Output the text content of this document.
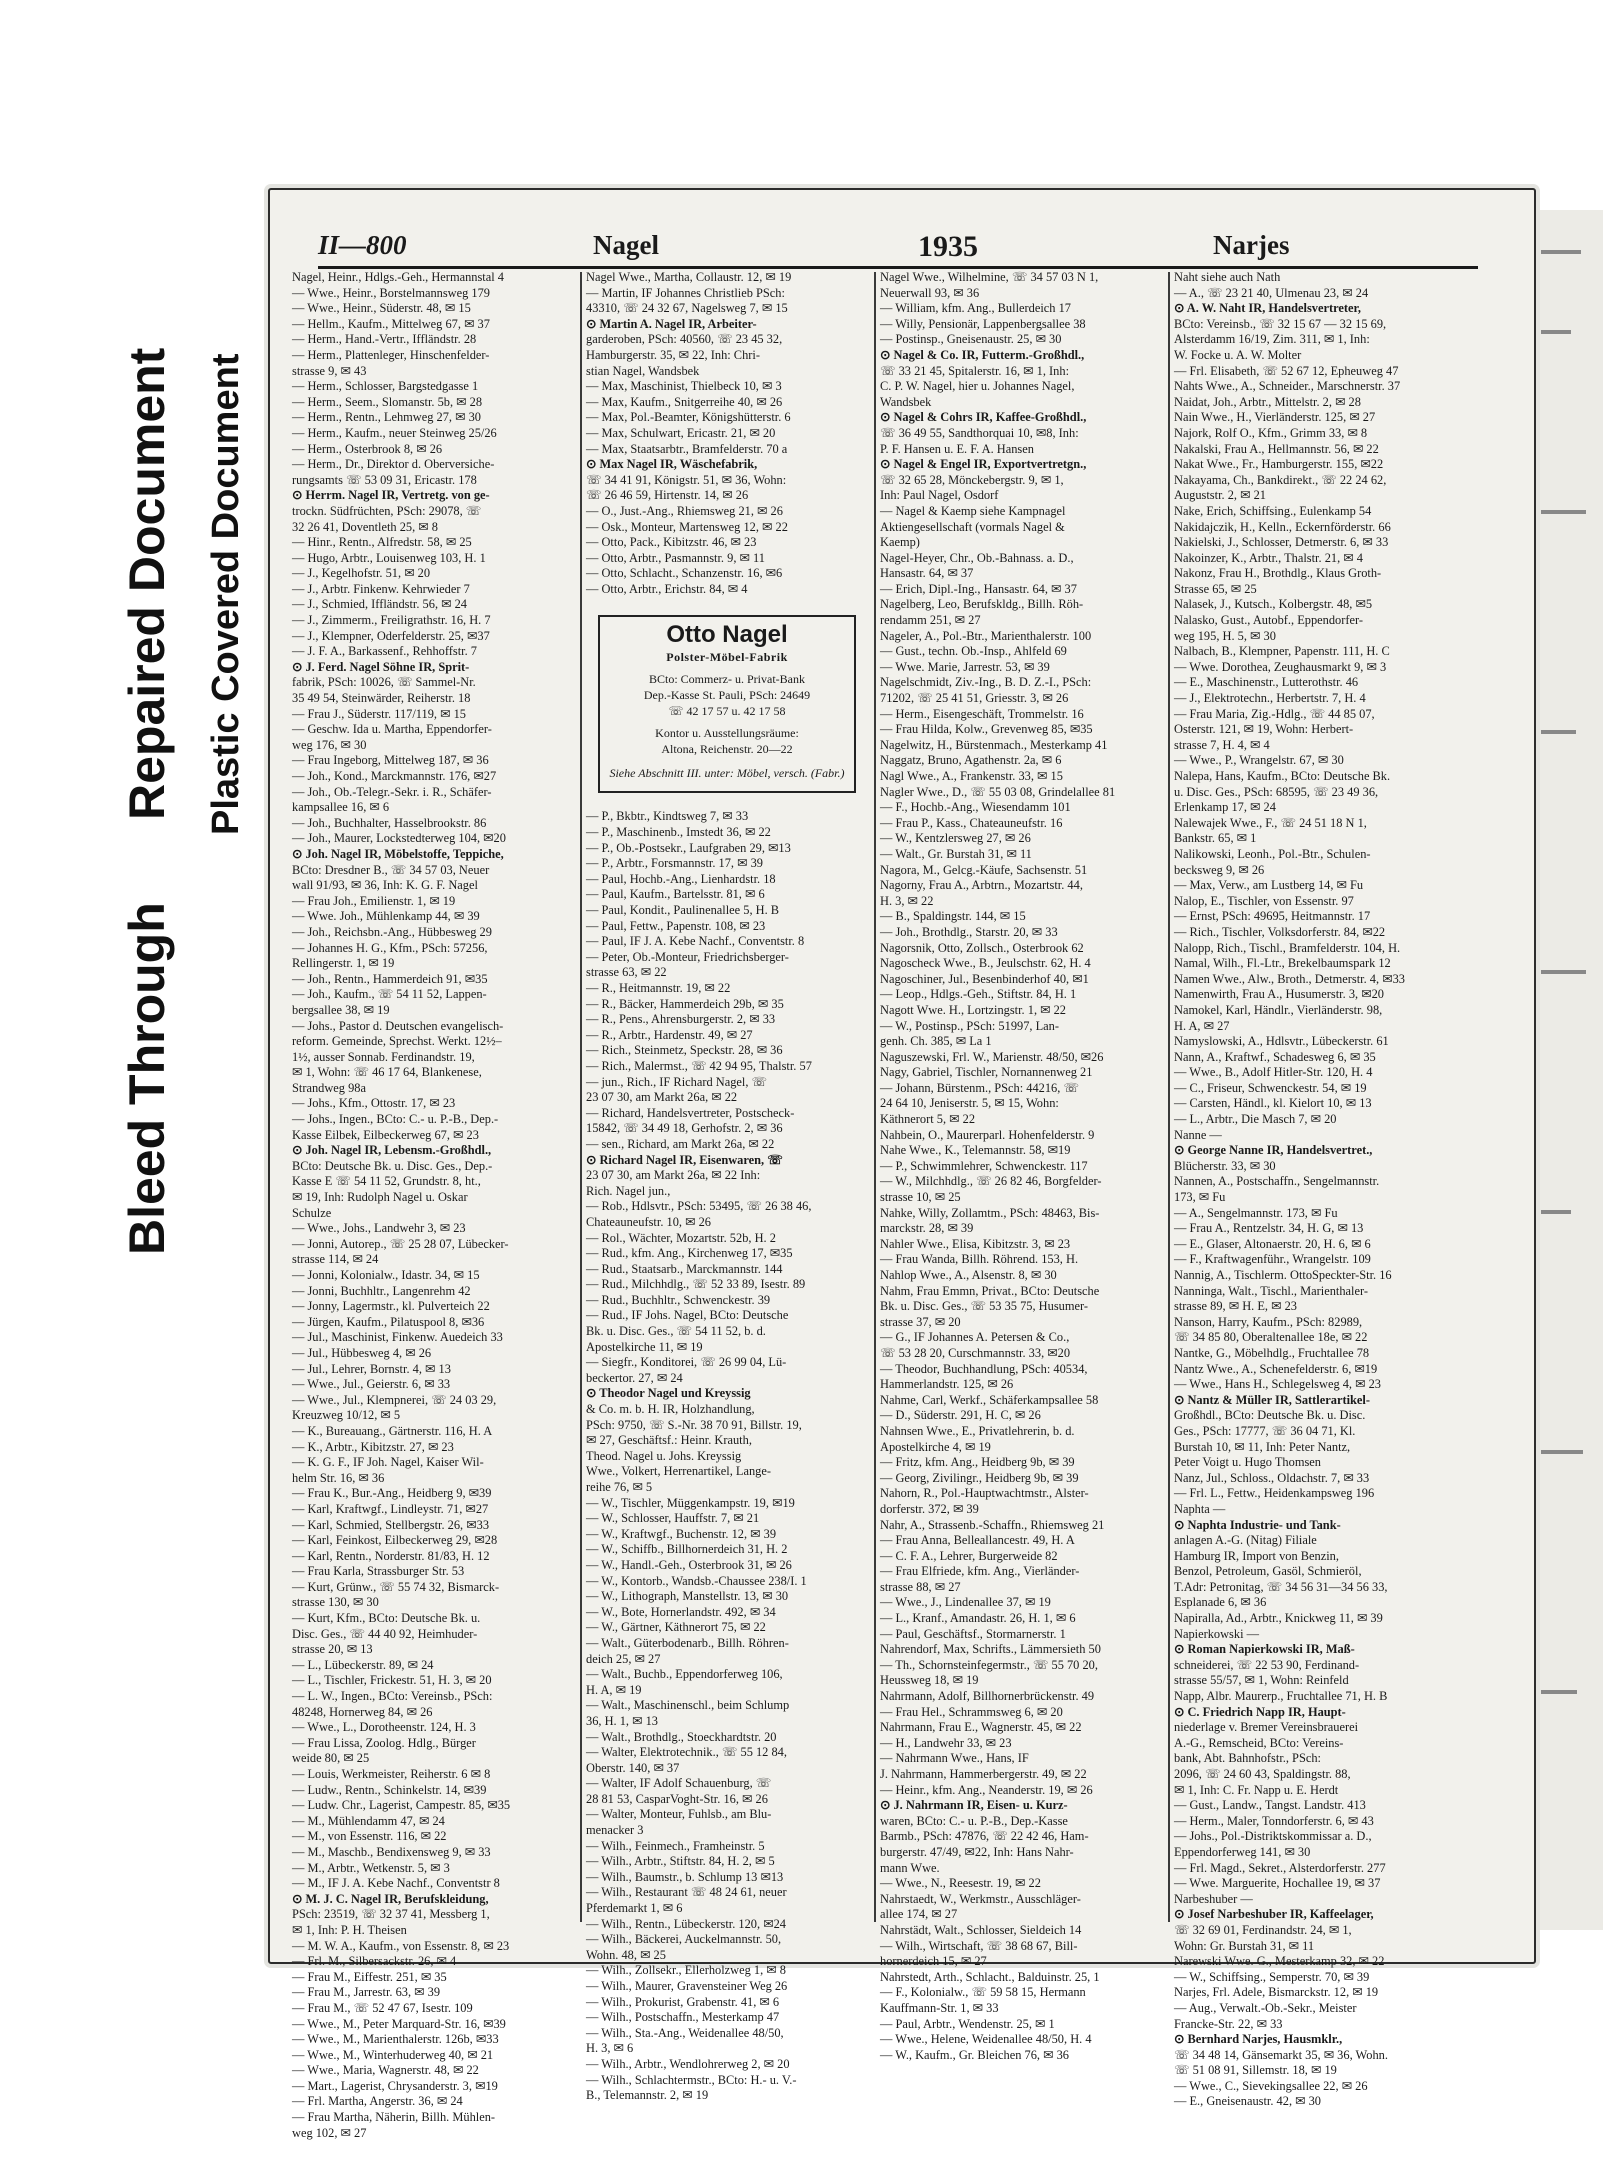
Bleed Through
Repaired Document Plastic Covered Document
II—800	Nagel	1935	Narjes
Nagel, Heinr., Hdlgs.-Geh., Hermannstal 4
— Wwe., Heinr., Borstelmannsweg 179
— Wwe., Heinr., Süderstr. 48, ✉ 15
— Hellm., Kaufm., Mittelweg 67, ✉ 37
— Herm., Hand.-Vertr., Iffländstr. 28
— Herm., Plattenleger, Hinschenfelder-
strasse 9, ✉ 43
— Herm., Schlosser, Bargstedgasse 1
— Herm., Seem., Slomanstr. 5b, ✉ 28
— Herm., Rentn., Lehmweg 27, ✉ 30
— Herm., Kaufm., neuer Steinweg 25/26
— Herm., Osterbrook 8, ✉ 26
— Herm., Dr., Direktor d. Oberversiche-
rungsamts ☏ 53 09 31, Ericastr. 178
⊙ Herrm. Nagel IR, Vertretg. von ge-
trockn. Südfrüchten, PSch: 29078, ☏
32 26 41, Doventleth 25, ✉ 8
— Hinr., Rentn., Alfredstr. 58, ✉ 25
— Hugo, Arbtr., Louisenweg 103, H. 1
— J., Kegelhofstr. 51, ✉ 20
— J., Arbtr. Finkenw. Kehrwieder 7
— J., Schmied, Iffländstr. 56, ✉ 24
— J., Zimmerm., Freiligrathstr. 16, H. 7
— J., Klempner, Oderfelderstr. 25, ✉37
— J. F. A., Barkassenf., Rehhoffstr. 7
⊙ J. Ferd. Nagel Söhne IR, Sprit-
fabrik, PSch: 10026, ☏ Sammel-Nr.
35 49 54, Steinwärder, Reiherstr. 18
— Frau J., Süderstr. 117/119, ✉ 15
— Geschw. Ida u. Martha, Eppendorfer-
weg 176, ✉ 30
— Frau Ingeborg, Mittelweg 187, ✉ 36
— Joh., Kond., Marckmannstr. 176, ✉27
— Joh., Ob.-Telegr.-Sekr. i. R., Schäfer-
kampsallee 16, ✉ 6
— Joh., Buchhalter, Hasselbrookstr. 86
— Joh., Maurer, Lockstedterweg 104, ✉20
⊙ Joh. Nagel IR, Möbelstoffe, Teppiche,
BCto: Dresdner B., ☏ 34 57 03, Neuer
wall 91/93, ✉ 36, Inh: K. G. F. Nagel
— Frau Joh., Emilienstr. 1, ✉ 19
— Wwe. Joh., Mühlenkamp 44, ✉ 39
— Joh., Reichsbn.-Ang., Hübbesweg 29
— Johannes H. G., Kfm., PSch: 57256,
Rellingerstr. 1, ✉ 19
— Joh., Rentn., Hammerdeich 91, ✉35
— Joh., Kaufm., ☏ 54 11 52, Lappen-
bergsallee 38, ✉ 19
— Johs., Pastor d. Deutschen evangelisch-
reform. Gemeinde, Sprechst. Werkt. 12½–
1½, ausser Sonnab. Ferdinandstr. 19,
✉ 1, Wohn: ☏ 46 17 64, Blankenese,
Strandweg 98a
— Johs., Kfm., Ottostr. 17, ✉ 23
— Johs., Ingen., BCto: C.- u. P.-B., Dep.-
Kasse Eilbek, Eilbeckerweg 67, ✉ 23
⊙ Joh. Nagel IR, Lebensm.-Großhdl.,
BCto: Deutsche Bk. u. Disc. Ges., Dep.-
Kasse E ☏ 54 11 52, Grundstr. 8, ht.,
✉ 19, Inh: Rudolph Nagel u. Oskar
Schulze
— Wwe., Johs., Landwehr 3, ✉ 23
— Jonni, Autorep., ☏ 25 28 07, Lübecker-
strasse 114, ✉ 24
— Jonni, Kolonialw., Idastr. 34, ✉ 15
— Jonni, Buchhltr., Langenrehm 42
— Jonny, Lagermstr., kl. Pulverteich 22
— Jürgen, Kaufm., Pilatuspool 8, ✉36
— Jul., Maschinist, Finkenw. Auedeich 33
— Jul., Hübbesweg 4, ✉ 26
— Jul., Lehrer, Bornstr. 4, ✉ 13
— Wwe., Jul., Geierstr. 6, ✉ 33
— Wwe., Jul., Klempnerei, ☏ 24 03 29,
Kreuzweg 10/12, ✉ 5
— K., Bureauang., Gärtnerstr. 116, H. A
— K., Arbtr., Kibitzstr. 27, ✉ 23
— K. G. F., IF Joh. Nagel, Kaiser Wil-
helm Str. 16, ✉ 36
— Frau K., Bur.-Ang., Heidberg 9, ✉39
— Karl, Kraftwgf., Lindleystr. 71, ✉27
— Karl, Schmied, Stellbergstr. 26, ✉33
— Karl, Feinkost, Eilbeckerweg 29, ✉28
— Karl, Rentn., Norderstr. 81/83, H. 12
— Frau Karla, Strassburger Str. 53
— Kurt, Grünw., ☏ 55 74 32, Bismarck-
strasse 130, ✉ 30
— Kurt, Kfm., BCto: Deutsche Bk. u.
Disc. Ges., ☏ 44 40 92, Heimhuder-
strasse 20, ✉ 13
— L., Lübeckerstr. 89, ✉ 24
— L., Tischler, Frickestr. 51, H. 3, ✉ 20
— L. W., Ingen., BCto: Vereinsb., PSch:
48248, Hornerweg 84, ✉ 26
— Wwe., L., Dorotheenstr. 124, H. 3
— Frau Lissa, Zoolog. Hdlg., Bürger
weide 80, ✉ 25
— Louis, Werkmeister, Reiherstr. 6 ✉ 8
— Ludw., Rentn., Schinkelstr. 14, ✉39
— Ludw. Chr., Lagerist, Campestr. 85, ✉35
— M., Mühlendamm 47, ✉ 24
— M., von Essenstr. 116, ✉ 22
— M., Maschb., Bendixensweg 9, ✉ 33
— M., Arbtr., Wetkenstr. 5, ✉ 3
— M., IF J. A. Kebe Nachf., Conventstr 8
⊙ M. J. C. Nagel IR, Berufskleidung,
PSch: 23519, ☏ 32 37 41, Messberg 1,
✉ 1, Inh: P. H. Theisen
— M. W. A., Kaufm., von Essenstr. 8, ✉ 23
— Frl. M., Silbersackstr. 26, ✉ 4
— Frau M., Eiffestr. 251, ✉ 35
— Frau M., Jarrestr. 63, ✉ 39
— Frau M., ☏ 52 47 67, Isestr. 109
— Wwe., M., Peter Marquard-Str. 16, ✉39
— Wwe., M., Marienthalerstr. 126b, ✉33
— Wwe., M., Winterhuderweg 40, ✉ 21
— Wwe., Maria, Wagnerstr. 48, ✉ 22
— Mart., Lagerist, Chrysanderstr. 3, ✉19
— Frl. Martha, Angerstr. 36, ✉ 24
— Frau Martha, Näherin, Billh. Mühlen-
weg 102, ✉ 27
Nagel Wwe., Martha, Collaustr. 12, ✉ 19
— Martin, IF Johannes Christlieb PSch:
43310, ☏ 24 32 67, Nagelsweg 7, ✉ 15
⊙ Martin A. Nagel IR, Arbeiter-
garderoben, PSch: 40560, ☏ 23 45 32,
Hamburgerstr. 35, ✉ 22, Inh: Chri-
stian Nagel, Wandsbek
— Max, Maschinist, Thielbeck 10, ✉ 3
— Max, Kaufm., Snitgerreihe 40, ✉ 26
— Max, Pol.-Beamter, Königshütterstr. 6
— Max, Schulwart, Ericastr. 21, ✉ 20
— Max, Staatsarbtr., Bramfelderstr. 70 a
⊙ Max Nagel IR, Wäschefabrik,
☏ 34 41 91, Königstr. 51, ✉ 36, Wohn:
☏ 26 46 59, Hirtenstr. 14, ✉ 26
— O., Just.-Ang., Rhiemsweg 21, ✉ 26
— Osk., Monteur, Martensweg 12, ✉ 22
— Otto, Pack., Kibitzstr. 46, ✉ 23
— Otto, Arbtr., Pasmannstr. 9, ✉ 11
— Otto, Schlacht., Schanzenstr. 16, ✉6
— Otto, Arbtr., Erichstr. 84, ✉ 4
Otto Nagel
Polster-Möbel-Fabrik
BCto: Commerz- u. Privat-Bank
Dep.-Kasse St. Pauli, PSch: 24649
☏ 42 17 57 u. 42 17 58
Kontor u. Ausstellungsräume:
Altona, Reichenstr. 20—22
Siehe Abschnitt III. unter: Möbel, versch. (Fabr.)
— P., Bkbtr., Kindtsweg 7, ✉ 33
— P., Maschinenb., Imstedt 36, ✉ 22
— P., Ob.-Postsekr., Laufgraben 29, ✉13
— P., Arbtr., Forsmannstr. 17, ✉ 39
— Paul, Hochb.-Ang., Lienhardstr. 18
— Paul, Kaufm., Bartelsstr. 81, ✉ 6
— Paul, Kondit., Paulinenallee 5, H. B
— Paul, Fettw., Papenstr. 108, ✉ 23
— Paul, IF J. A. Kebe Nachf., Conventstr. 8
— Peter, Ob.-Monteur, Friedrichsberger-
strasse 63, ✉ 22
— R., Heitmannstr. 19, ✉ 22
— R., Bäcker, Hammerdeich 29b, ✉ 35
— R., Pens., Ahrensburgerstr. 2, ✉ 33
— R., Arbtr., Hardenstr. 49, ✉ 27
— Rich., Steinmetz, Speckstr. 28, ✉ 36
— Rich., Malermst., ☏ 42 94 95, Thalstr. 57
— jun., Rich., IF Richard Nagel, ☏
23 07 30, am Markt 26a, ✉ 22
— Richard, Handelsvertreter, Postscheck-
15842, ☏ 34 49 18, Gerhofstr. 2, ✉ 36
— sen., Richard, am Markt 26a, ✉ 22
⊙ Richard Nagel IR, Eisenwaren, ☏
23 07 30, am Markt 26a, ✉ 22 Inh:
Rich. Nagel jun.,
— Rob., Hdlsvtr., PSch: 53495, ☏ 26 38 46,
Chateauneufstr. 10, ✉ 26
— Rol., Wächter, Mozartstr. 52b, H. 2
— Rud., kfm. Ang., Kirchenweg 17, ✉35
— Rud., Staatsarb., Marckmannstr. 144
— Rud., Milchhdlg., ☏ 52 33 89, Isestr. 89
— Rud., Buchhltr., Schwenckestr. 39
— Rud., IF Johs. Nagel, BCto: Deutsche
Bk. u. Disc. Ges., ☏ 54 11 52, b. d.
Apostelkirche 11, ✉ 19
— Siegfr., Konditorei, ☏ 26 99 04, Lü-
beckertor. 27, ✉ 24
⊙ Theodor Nagel und Kreyssig
& Co. m. b. H. IR, Holzhandlung,
PSch: 9750, ☏ S.-Nr. 38 70 91, Billstr. 19,
✉ 27, Geschäftsf.: Heinr. Krauth,
Theod. Nagel u. Johs. Kreyssig
Wwe., Volkert, Herrenartikel, Lange-
reihe 76, ✉ 5
— W., Tischler, Müggenkampstr. 19, ✉19
— W., Schlosser, Hauffstr. 7, ✉ 21
— W., Kraftwgf., Buchenstr. 12, ✉ 39
— W., Schiffb., Billhornerdeich 31, H. 2
— W., Handl.-Geh., Osterbrook 31, ✉ 26
— W., Kontorb., Wandsb.-Chaussee 238/I. 1
— W., Lithograph, Manstellstr. 13, ✉ 30
— W., Bote, Hornerlandstr. 492, ✉ 34
— W., Gärtner, Käthnerort 75, ✉ 22
— Walt., Güterbodenarb., Billh. Röhren-
deich 25, ✉ 27
— Walt., Buchb., Eppendorferweg 106,
H. A, ✉ 19
— Walt., Maschinenschl., beim Schlump
36, H. 1, ✉ 13
— Walt., Brothdlg., Stoeckhardtstr. 20
— Walter, Elektrotechnik., ☏ 55 12 84,
Oberstr. 140, ✉ 37
— Walter, IF Adolf Schauenburg, ☏
28 81 53, CasparVoght-Str. 16, ✉ 26
— Walter, Monteur, Fuhlsb., am Blu-
menacker 3
— Wilh., Feinmech., Framheinstr. 5
— Wilh., Arbtr., Stiftstr. 84, H. 2, ✉ 5
— Wilh., Baumstr., b. Schlump 13 ✉13
— Wilh., Restaurant ☏ 48 24 61, neuer
Pferdemarkt 1, ✉ 6
— Wilh., Rentn., Lübeckerstr. 120, ✉24
— Wilh., Bäckerei, Auckelmannstr. 50,
Wohn. 48, ✉ 25
— Wilh., Zollsekr., Ellerholzweg 1, ✉ 8
— Wilh., Maurer, Gravensteiner Weg 26
— Wilh., Prokurist, Grabenstr. 41, ✉ 6
— Wilh., Postschaffn., Mesterkamp 47
— Wilh., Sta.-Ang., Weidenallee 48/50,
H. 3, ✉ 6
— Wilh., Arbtr., Wendlohrerweg 2, ✉ 20
— Wilh., Schlachtermstr., BCto: H.- u. V.-
B., Telemannstr. 2, ✉ 19
Nagel Wwe., Wilhelmine, ☏ 34 57 03 N 1,
Neuerwall 93, ✉ 36
— William, kfm. Ang., Bullerdeich 17
— Willy, Pensionär, Lappenbergsallee 38
— Postinsp., Gneisenaustr. 25, ✉ 30
⊙ Nagel & Co. IR, Futterm.-Großhdl.,
☏ 33 21 45, Spitalerstr. 16, ✉ 1, Inh:
C. P. W. Nagel, hier u. Johannes Nagel,
Wandsbek
⊙ Nagel & Cohrs IR, Kaffee-Großhdl.,
☏ 36 49 55, Sandthorquai 10, ✉8, Inh:
P. F. Hansen u. E. F. A. Hansen
⊙ Nagel & Engel IR, Exportvertretgn.,
☏ 32 65 28, Mönckebergstr. 9, ✉ 1,
Inh: Paul Nagel, Osdorf
— Nagel & Kaemp siehe Kampnagel
Aktiengesellschaft (vormals Nagel &
Kaemp)
Nagel-Heyer, Chr., Ob.-Bahnass. a. D.,
Hansastr. 64, ✉ 37
— Erich, Dipl.-Ing., Hansastr. 64, ✉ 37
Nagelberg, Leo, Berufskldg., Billh. Röh-
rendamm 251, ✉ 27
Nageler, A., Pol.-Btr., Marienthalerstr. 100
— Gust., techn. Ob.-Insp., Ahlfeld 69
— Wwe. Marie, Jarrestr. 53, ✉ 39
Nagelschmidt, Ziv.-Ing., B. D. Z.-I., PSch:
71202, ☏ 25 41 51, Griesstr. 3, ✉ 26
— Herm., Eisengeschäft, Trommelstr. 16
— Frau Hilda, Kolw., Grevenweg 85, ✉35
Nagelwitz, H., Bürstenmach., Mesterkamp 41
Naggatz, Bruno, Agathenstr. 2a, ✉ 6
Nagl Wwe., A., Frankenstr. 33, ✉ 15
Nagler Wwe., D., ☏ 55 03 08, Grindelallee 81
— F., Hochb.-Ang., Wiesendamm 101
— Frau P., Kass., Chateauneufstr. 16
— W., Kentzlersweg 27, ✉ 26
— Walt., Gr. Burstah 31, ✉ 11
Nagora, M., Gelcg.-Käufe, Sachsenstr. 51
Nagorny, Frau A., Arbtrn., Mozartstr. 44,
H. 3, ✉ 22
— B., Spaldingstr. 144, ✉ 15
— Joh., Brothdlg., Starstr. 20, ✉ 33
Nagorsnik, Otto, Zollsch., Osterbrook 62
Nagoscheck Wwe., B., Jeulschstr. 62, H. 4
Nagoschiner, Jul., Besenbinderhof 40, ✉1
— Leop., Hdlgs.-Geh., Stiftstr. 84, H. 1
Nagott Wwe. H., Lortzingstr. 1, ✉ 22
— W., Postinsp., PSch: 51997, Lan-
genh. Ch. 385, ✉ La 1
Naguszewski, Frl. W., Marienstr. 48/50, ✉26
Nagy, Gabriel, Tischler, Nornannenweg 21
— Johann, Bürstenm., PSch: 44216, ☏
24 64 10, Jeniserstr. 5, ✉ 15, Wohn:
Käthnerort 5, ✉ 22
Nahbein, O., Maurerparl. Hohenfelderstr. 9
Nahe Wwe., K., Telemannstr. 58, ✉19
— P., Schwimmlehrer, Schwenckestr. 117
— W., Milchhdlg., ☏ 26 82 46, Borgfelder-
strasse 10, ✉ 25
Nahke, Willy, Zollamtm., PSch: 48463, Bis-
marckstr. 28, ✉ 39
Nahler Wwe., Elisa, Kibitzstr. 3, ✉ 23
— Frau Wanda, Billh. Röhrend. 153, H.
Nahlop Wwe., A., Alsenstr. 8, ✉ 30
Nahm, Frau Emmn, Privat., BCto: Deutsche
Bk. u. Disc. Ges., ☏ 53 35 75, Husumer-
strasse 37, ✉ 20
— G., IF Johannes A. Petersen & Co.,
☏ 53 28 20, Curschmannstr. 33, ✉20
— Theodor, Buchhandlung, PSch: 40534,
Hammerlandstr. 125, ✉ 26
Nahme, Carl, Werkf., Schäferkampsallee 58
— D., Süderstr. 291, H. C, ✉ 26
Nahnsen Wwe., E., Privatlehrerin, b. d.
Apostelkirche 4, ✉ 19
— Fritz, kfm. Ang., Heidberg 9b, ✉ 39
— Georg, Zivilingr., Heidberg 9b, ✉ 39
Nahorn, R., Pol.-Hauptwachtmstr., Alster-
dorferstr. 372, ✉ 39
Nahr, A., Strassenb.-Schaffn., Rhiemsweg 21
— Frau Anna, Belleallancestr. 49, H. A
— C. F. A., Lehrer, Burgerweide 82
— Frau Elfriede, kfm. Ang., Vierländer-
strasse 88, ✉ 27
— Wwe., J., Lindenallee 37, ✉ 19
— L., Kranf., Amandastr. 26, H. 1, ✉ 6
— Paul, Geschäftsf., Stormarnerstr. 1
Nahrendorf, Max, Schrifts., Lämmersieth 50
— Th., Schornsteinfegermstr., ☏ 55 70 20,
Heussweg 18, ✉ 19
Nahrmann, Adolf, Billhornerbrückenstr. 49
— Frau Hel., Schrammsweg 6, ✉ 20
Nahrmann, Frau E., Wagnerstr. 45, ✉ 22
— H., Landwehr 33, ✉ 23
— Nahrmann Wwe., Hans, IF
J. Nahrmann, Hammerbergerstr. 49, ✉ 22
— Heinr., kfm. Ang., Neanderstr. 19, ✉ 26
⊙ J. Nahrmann IR, Eisen- u. Kurz-
waren, BCto: C.- u. P.-B., Dep.-Kasse
Barmb., PSch: 47876, ☏ 22 42 46, Ham-
burgerstr. 47/49, ✉22, Inh: Hans Nahr-
mann Wwe.
— Wwe., N., Reesestr. 19, ✉ 22
Nahrstaedt, W., Werkmstr., Ausschläger-
allee 174, ✉ 27
Nahrstädt, Walt., Schlosser, Sieldeich 14
— Wilh., Wirtschaft, ☏ 38 68 67, Bill-
hornerdeich 15, ✉ 27
Nahrstedt, Arth., Schlacht., Balduinstr. 25, 1
— F., Kolonialw., ☏ 59 58 15, Hermann
Kauffmann-Str. 1, ✉ 33
— Paul, Arbtr., Wendenstr. 25, ✉ 1
— Wwe., Helene, Weidenallee 48/50, H. 4
— W., Kaufm., Gr. Bleichen 76, ✉ 36
Naht siehe auch Nath
— A., ☏ 23 21 40, Ulmenau 23, ✉ 24
⊙ A. W. Naht IR, Handelsvertreter,
BCto: Vereinsb., ☏ 32 15 67 — 32 15 69,
Alsterdamm 16/19, Zim. 311, ✉ 1, Inh:
W. Focke u. A. W. Molter
— Frl. Elisabeth, ☏ 52 67 12, Epheuweg 47
Nahts Wwe., A., Schneider., Marschnerstr. 37
Naidat, Joh., Arbtr., Mittelstr. 2, ✉ 28
Nain Wwe., H., Vierländerstr. 125, ✉ 27
Najork, Rolf O., Kfm., Grimm 33, ✉ 8
Nakalski, Frau A., Hellmannstr. 56, ✉ 22
Nakat Wwe., Fr., Hamburgerstr. 155, ✉22
Nakayama, Ch., Bankdirekt., ☏ 22 24 62,
Auguststr. 2, ✉ 21
Nake, Erich, Schiffsing., Eulenkamp 54
Nakidajczik, H., Kelln., Eckernförderstr. 66
Nakielski, J., Schlosser, Detmerstr. 6, ✉ 33
Nakoinzer, K., Arbtr., Thalstr. 21, ✉ 4
Nakonz, Frau H., Brothdlg., Klaus Groth-
Strasse 65, ✉ 25
Nalasek, J., Kutsch., Kolbergstr. 48, ✉5
Nalasko, Gust., Autobf., Eppendorfer-
weg 195, H. 5, ✉ 30
Nalbach, B., Klempner, Papenstr. 111, H. C
— Wwe. Dorothea, Zeughausmarkt 9, ✉ 3
— E., Maschinenstr., Lutterothstr. 46
— J., Elektrotechn., Herbertstr. 7, H. 4
— Frau Maria, Zig.-Hdlg., ☏ 44 85 07,
Osterstr. 121, ✉ 19, Wohn: Herbert-
strasse 7, H. 4, ✉ 4
— Wwe., P., Wrangelstr. 67, ✉ 30
Nalepa, Hans, Kaufm., BCto: Deutsche Bk.
u. Disc. Ges., PSch: 68595, ☏ 23 49 36,
Erlenkamp 17, ✉ 24
Nalewajek Wwe., F., ☏ 24 51 18 N 1,
Bankstr. 65, ✉ 1
Nalikowski, Leonh., Pol.-Btr., Schulen-
becksweg 9, ✉ 26
— Max, Verw., am Lustberg 14, ✉ Fu
Nalop, E., Tischler, von Essenstr. 97
— Ernst, PSch: 49695, Heitmannstr. 17
— Rich., Tischler, Volksdorferstr. 84, ✉22
Nalopp, Rich., Tischl., Bramfelderstr. 104, H.
Namal, Wilh., Fl.-Ltr., Brekelbaumspark 12
Namen Wwe., Alw., Broth., Detmerstr. 4, ✉33
Namenwirth, Frau A., Husumerstr. 3, ✉20
Namokel, Karl, Händlr., Vierländerstr. 98,
H. A, ✉ 27
Namyslowski, A., Hdlsvtr., Lübeckerstr. 61
Nann, A., Kraftwf., Schadesweg 6, ✉ 35
— Wwe., B., Adolf Hitler-Str. 120, H. 4
— C., Friseur, Schwenckestr. 54, ✉ 19
— Carsten, Händl., kl. Kielort 10, ✉ 13
— L., Arbtr., Die Masch 7, ✉ 20
Nanne —
⊙ George Nanne IR, Handelsvertret.,
Blücherstr. 33, ✉ 30
Nannen, A., Postschaffn., Sengelmannstr.
173, ✉ Fu
— A., Sengelmannstr. 173, ✉ Fu
— Frau A., Rentzelstr. 34, H. G, ✉ 13
— E., Glaser, Altonaerstr. 20, H. 6, ✉ 6
— F., Kraftwagenführ., Wrangelstr. 109
Nannig, A., Tischlerm. OttoSpeckter-Str. 16
Nanninga, Walt., Tischl., Marienthaler-
strasse 89, ✉ H. E, ✉ 23
Nanson, Harry, Kaufm., PSch: 82989,
☏ 34 85 80, Oberaltenallee 18e, ✉ 22
Nantke, G., Möbelhdlg., Fruchtallee 78
Nantz Wwe., A., Schenefelderstr. 6, ✉19
— Wwe., Hans H., Schlegelsweg 4, ✉ 23
⊙ Nantz & Müller IR, Sattlerartikel-
Großhdl., BCto: Deutsche Bk. u. Disc.
Ges., PSch: 17777, ☏ 36 04 71, Kl.
Burstah 10, ✉ 11, Inh: Peter Nantz,
Peter Voigt u. Hugo Thomsen
Nanz, Jul., Schloss., Oldachstr. 7, ✉ 33
— Frl. L., Fettw., Heidenkampsweg 196
Naphta —
⊙ Naphta Industrie- und Tank-
anlagen A.-G. (Nitag) Filiale
Hamburg IR, Import von Benzin,
Benzol, Petroleum, Gasöl, Schmieröl,
T.Adr: Petronitag, ☏ 34 56 31—34 56 33,
Esplanade 6, ✉ 36
Napiralla, Ad., Arbtr., Knickweg 11, ✉ 39
Napierkowski —
⊙ Roman Napierkowski IR, Maß-
schneiderei, ☏ 22 53 90, Ferdinand-
strasse 55/57, ✉ 1, Wohn: Reinfeld
Napp, Albr. Maurerp., Fruchtallee 71, H. B
⊙ C. Friedrich Napp IR, Haupt-
niederlage v. Bremer Vereinsbrauerei
A.-G., Remscheid, BCto: Vereins-
bank, Abt. Bahnhofstr., PSch:
2096, ☏ 24 60 43, Spaldingstr. 88,
✉ 1, Inh: C. Fr. Napp u. E. Herdt
— Gust., Landw., Tangst. Landstr. 413
— Herm., Maler, Tonndorferstr. 6, ✉ 43
— Johs., Pol.-Distriktskommissar a. D.,
Eppendorferweg 141, ✉ 30
— Frl. Magd., Sekret., Alsterdorferstr. 277
— Wwe. Marguerite, Hochallee 19, ✉ 37
Narbeshuber —
⊙ Josef Narbeshuber IR, Kaffeelager,
☏ 32 69 01, Ferdinandstr. 24, ✉ 1,
Wohn: Gr. Burstah 31, ✉ 11
Narewski Wwe. G., Mesterkamp 32, ✉ 22
— W., Schiffsing., Semperstr. 70, ✉ 39
Narjes, Frl. Adele, Bismarckstr. 12, ✉ 19
— Aug., Verwalt.-Ob.-Sekr., Meister
Francke-Str. 22, ✉ 33
⊙ Bernhard Narjes, Hausmklr.,
☏ 34 48 14, Gänsemarkt 35, ✉ 36, Wohn.
☏ 51 08 91, Sillemstr. 18, ✉ 19
— Wwe., C., Sievekingsallee 22, ✉ 26
— E., Gneisenaustr. 42, ✉ 30
